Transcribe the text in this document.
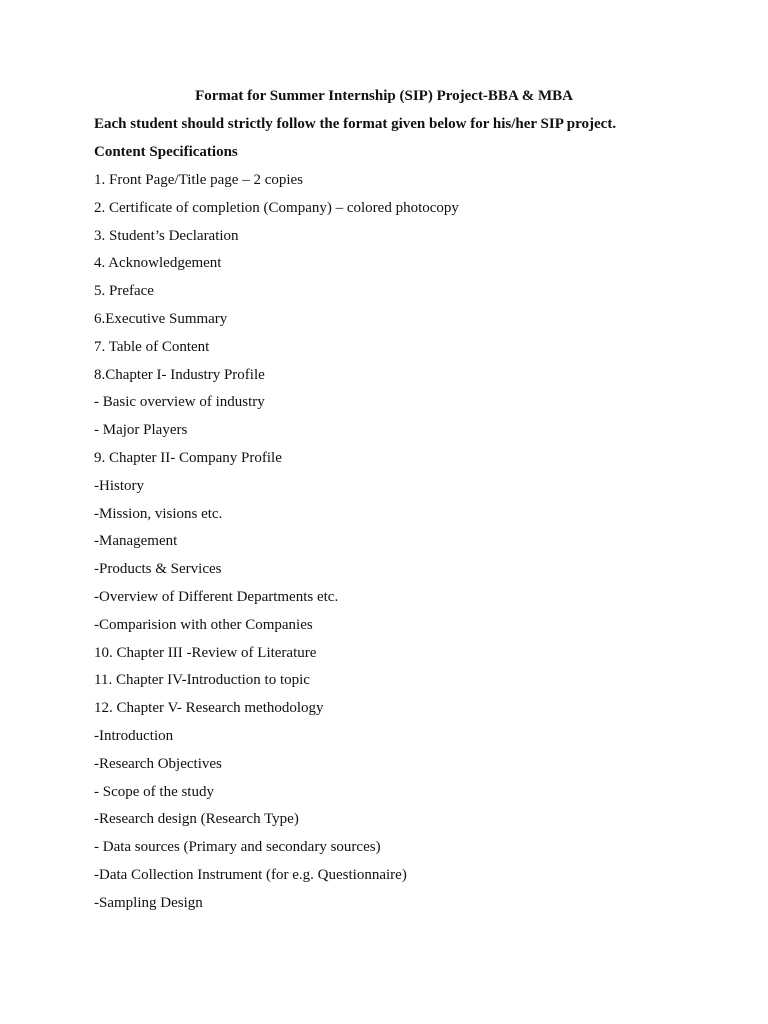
Format for Summer Internship (SIP) Project-BBA & MBA
Each student should strictly follow the format given below for his/her SIP project.
Content Specifications
1. Front Page/Title page – 2 copies
2. Certificate of completion (Company) – colored photocopy
3. Student’s Declaration
4. Acknowledgement
5. Preface
6.Executive Summary
7. Table of Content
8.Chapter I- Industry Profile
- Basic overview of industry
- Major Players
9. Chapter II- Company Profile
-History
-Mission, visions etc.
-Management
-Products & Services
-Overview of Different Departments etc.
-Comparision with other Companies
10. Chapter III -Review of Literature
11. Chapter IV-Introduction to topic
12. Chapter V- Research methodology
-Introduction
-Research Objectives
- Scope of the study
-Research design (Research Type)
- Data sources (Primary and secondary sources)
-Data Collection Instrument (for e.g. Questionnaire)
-Sampling Design
